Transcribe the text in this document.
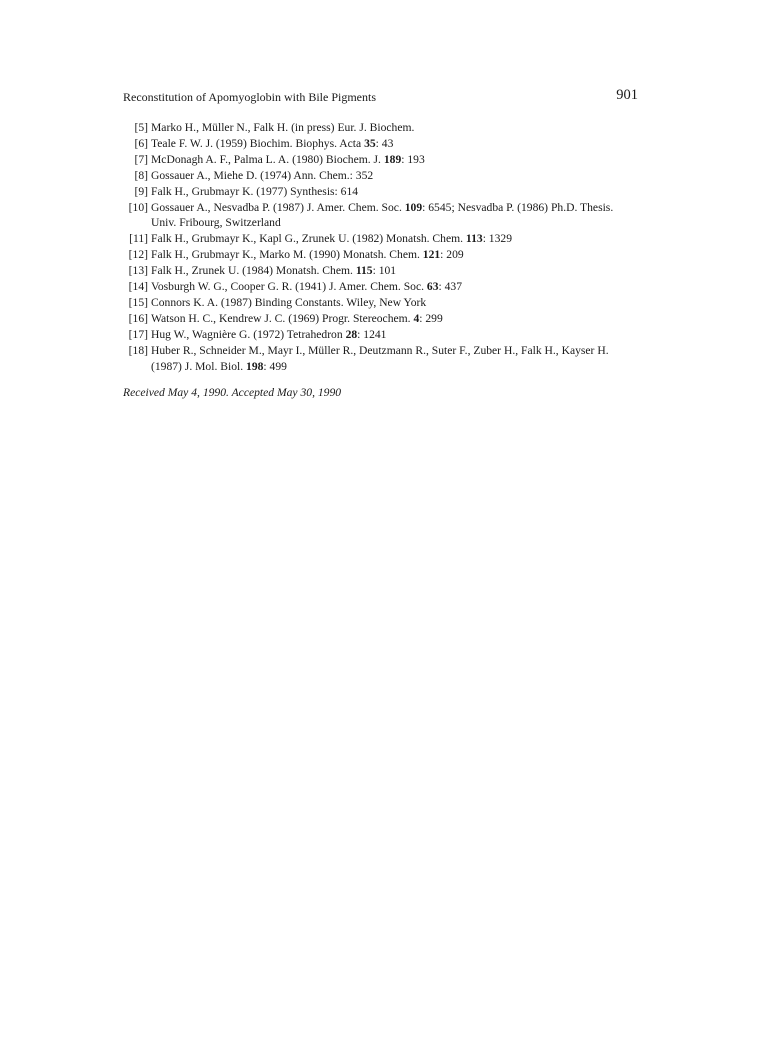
Reconstitution of Apomyoglobin with Bile Pigments	901
[5] Marko H., Müller N., Falk H. (in press) Eur. J. Biochem.
[6] Teale F. W. J. (1959) Biochim. Biophys. Acta 35: 43
[7] McDonagh A. F., Palma L. A. (1980) Biochem. J. 189: 193
[8] Gossauer A., Miehe D. (1974) Ann. Chem.: 352
[9] Falk H., Grubmayr K. (1977) Synthesis: 614
[10] Gossauer A., Nesvadba P. (1987) J. Amer. Chem. Soc. 109: 6545; Nesvadba P. (1986) Ph.D. Thesis. Univ. Fribourg, Switzerland
[11] Falk H., Grubmayr K., Kapl G., Zrunek U. (1982) Monatsh. Chem. 113: 1329
[12] Falk H., Grubmayr K., Marko M. (1990) Monatsh. Chem. 121: 209
[13] Falk H., Zrunek U. (1984) Monatsh. Chem. 115: 101
[14] Vosburgh W. G., Cooper G. R. (1941) J. Amer. Chem. Soc. 63: 437
[15] Connors K. A. (1987) Binding Constants. Wiley, New York
[16] Watson H. C., Kendrew J. C. (1969) Progr. Stereochem. 4: 299
[17] Hug W., Wagnière G. (1972) Tetrahedron 28: 1241
[18] Huber R., Schneider M., Mayr I., Müller R., Deutzmann R., Suter F., Zuber H., Falk H., Kayser H. (1987) J. Mol. Biol. 198: 499
Received May 4, 1990. Accepted May 30, 1990
